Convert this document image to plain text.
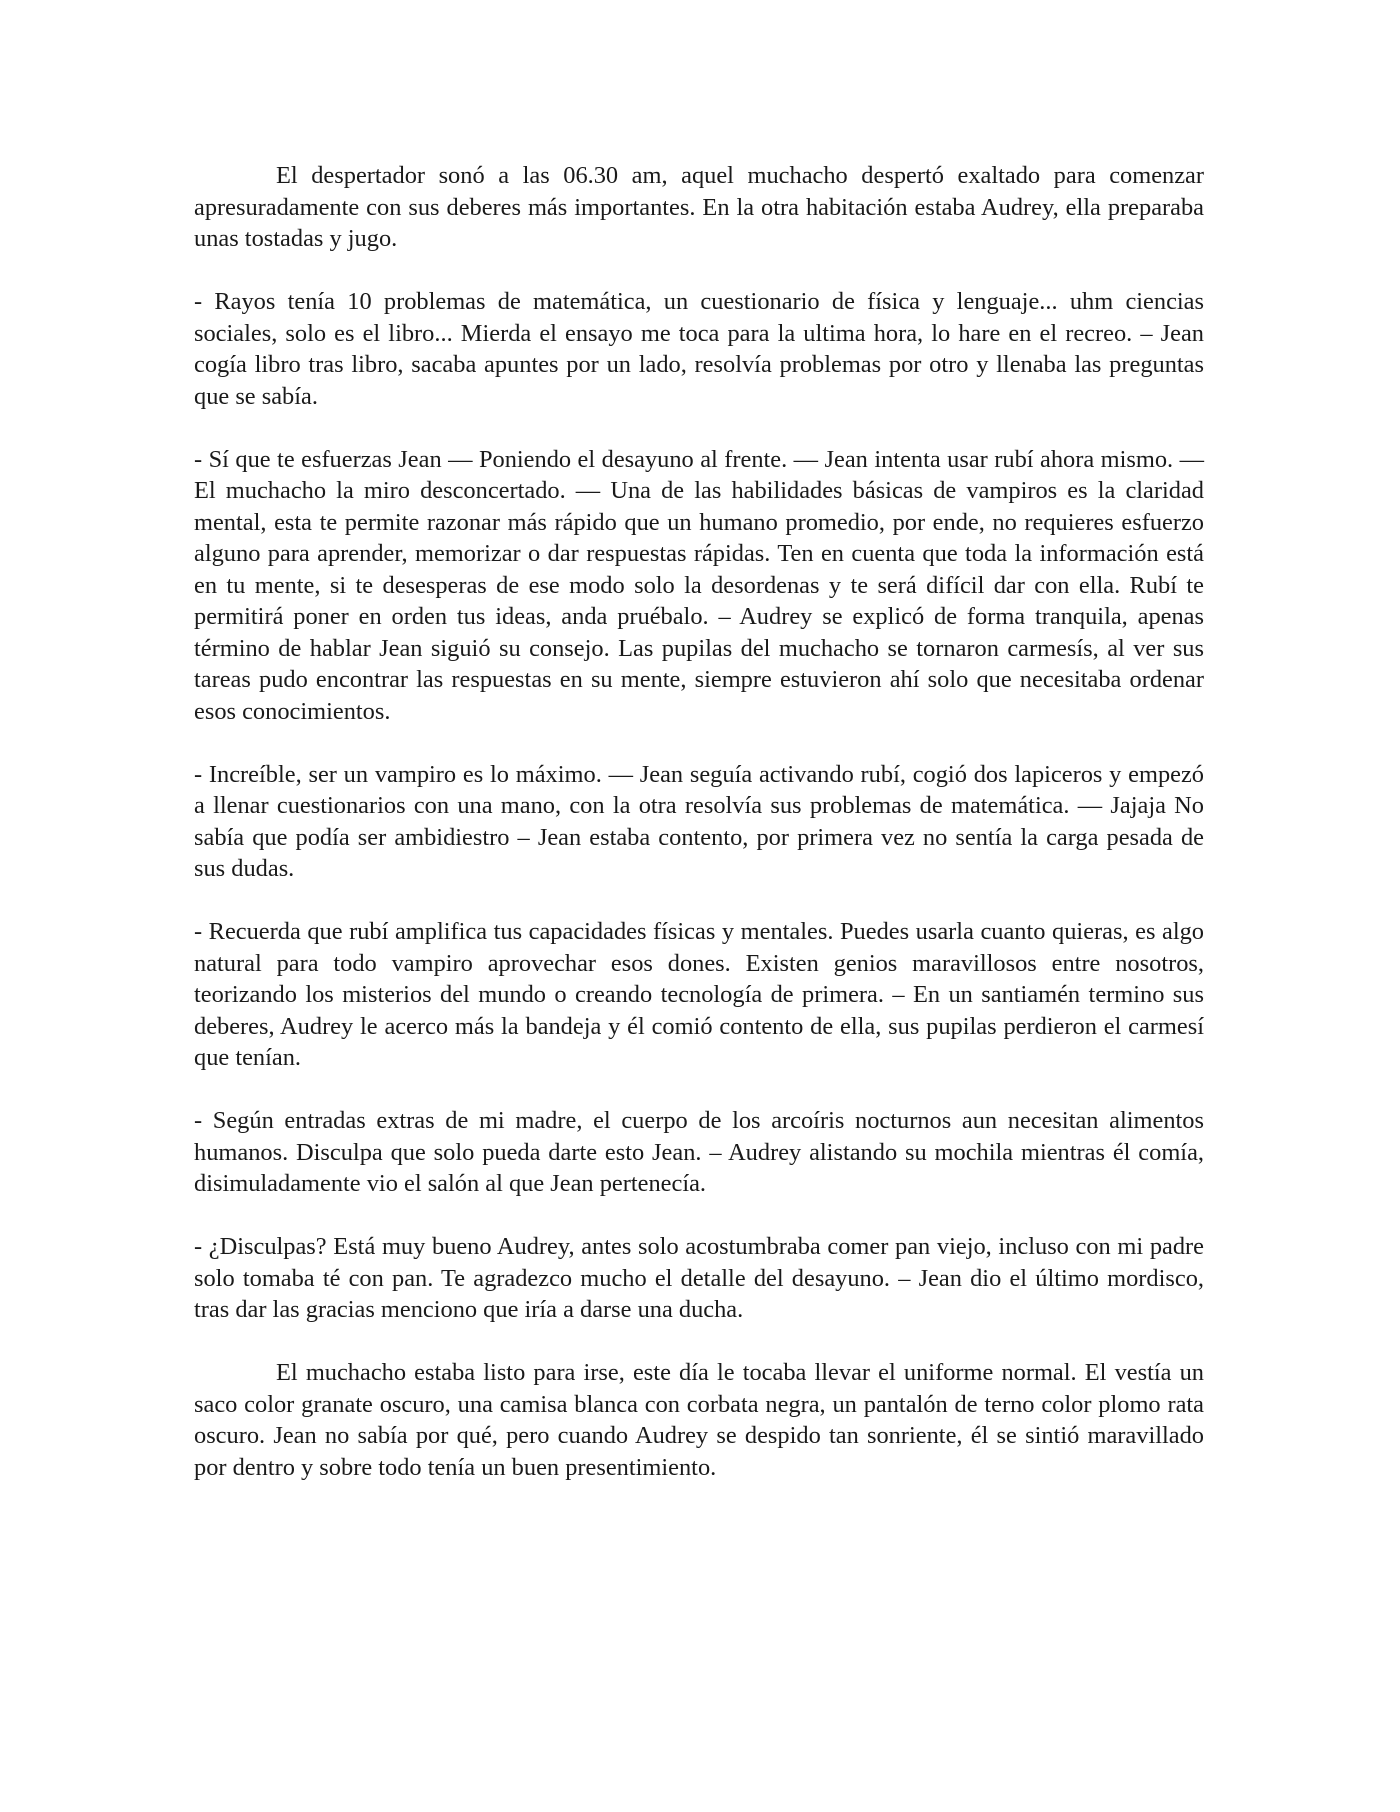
El despertador sonó a las 06.30 am, aquel muchacho despertó exaltado para comenzar apresuradamente con sus deberes más importantes. En la otra habitación estaba Audrey, ella preparaba unas tostadas y jugo.

- Rayos tenía 10 problemas de matemática, un cuestionario de física y lenguaje... uhm ciencias sociales, solo es el libro... Mierda el ensayo me toca para la ultima hora, lo hare en el recreo. – Jean cogía libro tras libro, sacaba apuntes por un lado, resolvía problemas por otro y llenaba las preguntas que se sabía.

- Sí que te esfuerzas Jean — Poniendo el desayuno al frente. — Jean intenta usar rubí ahora mismo. — El muchacho la miro desconcertado. — Una de las habilidades básicas de vampiros es la claridad mental, esta te permite razonar más rápido que un humano promedio, por ende, no requieres esfuerzo alguno para aprender, memorizar o dar respuestas rápidas. Ten en cuenta que toda la información está en tu mente, si te desesperas de ese modo solo la desordenas y te será difícil dar con ella. Rubí te permitirá poner en orden tus ideas, anda pruébalo. – Audrey se explicó de forma tranquila, apenas término de hablar Jean siguió su consejo. Las pupilas del muchacho se tornaron carmesís, al ver sus tareas pudo encontrar las respuestas en su mente, siempre estuvieron ahí solo que necesitaba ordenar esos conocimientos.

- Increíble, ser un vampiro es lo máximo. — Jean seguía activando rubí, cogió dos lapiceros y empezó a llenar cuestionarios con una mano, con la otra resolvía sus problemas de matemática. — Jajaja No sabía que podía ser ambidiestro – Jean estaba contento, por primera vez no sentía la carga pesada de sus dudas.

- Recuerda que rubí amplifica tus capacidades físicas y mentales. Puedes usarla cuanto quieras, es algo natural para todo vampiro aprovechar esos dones. Existen genios maravillosos entre nosotros, teorizando los misterios del mundo o creando tecnología de primera. – En un santiamén termino sus deberes, Audrey le acerco más la bandeja y él comió contento de ella, sus pupilas perdieron el carmesí que tenían.

- Según entradas extras de mi madre, el cuerpo de los arcoíris nocturnos aun necesitan alimentos humanos. Disculpa que solo pueda darte esto Jean. – Audrey alistando su mochila mientras él comía, disimuladamente vio el salón al que Jean pertenecía.

- ¿Disculpas? Está muy bueno Audrey, antes solo acostumbraba comer pan viejo, incluso con mi padre solo tomaba té con pan. Te agradezco mucho el detalle del desayuno. – Jean dio el último mordisco, tras dar las gracias menciono que iría a darse una ducha.

El muchacho estaba listo para irse, este día le tocaba llevar el uniforme normal. El vestía un saco color granate oscuro, una camisa blanca con corbata negra, un pantalón de terno color plomo rata oscuro. Jean no sabía por qué, pero cuando Audrey se despido tan sonriente, él se sintió maravillado por dentro y sobre todo tenía un buen presentimiento.
